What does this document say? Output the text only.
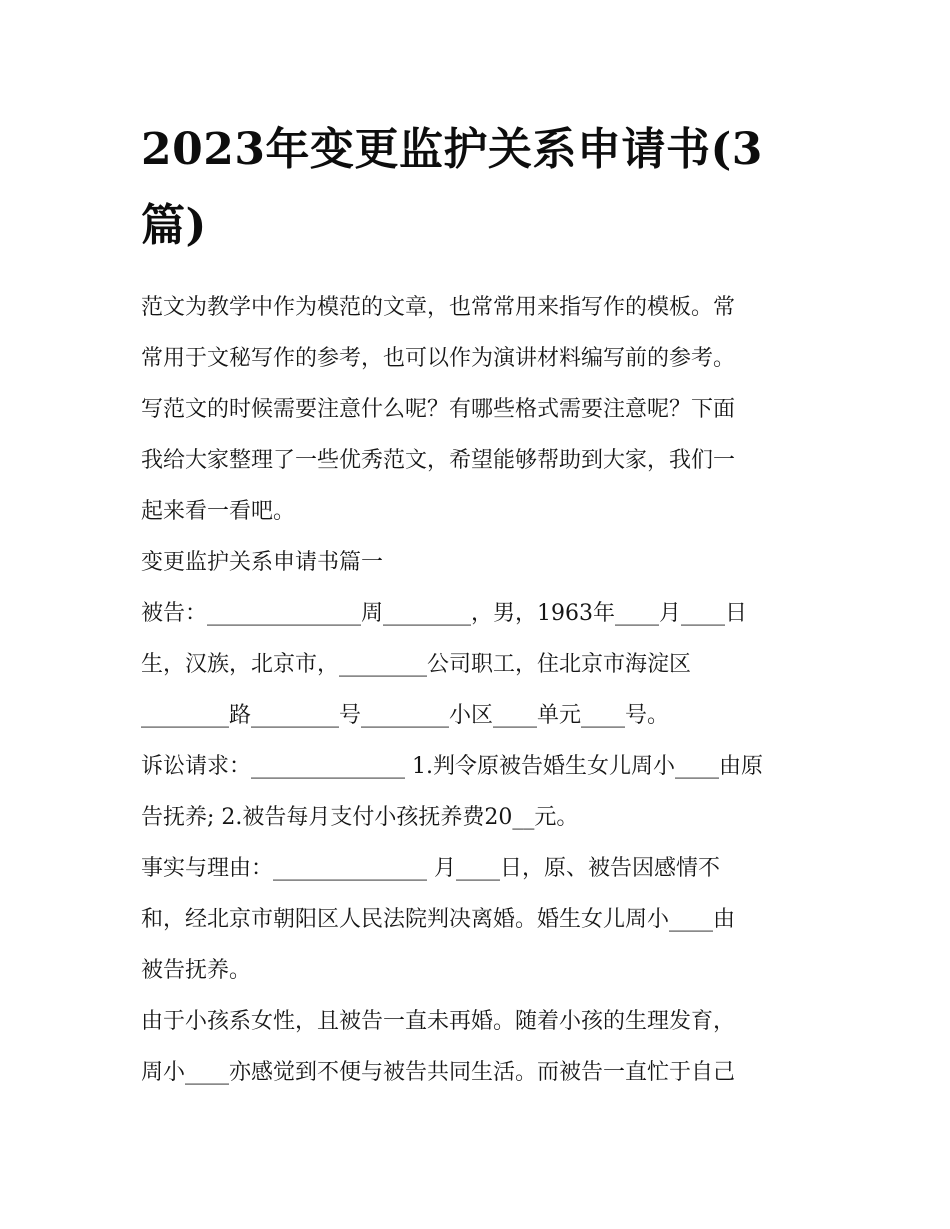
2023年变更监护关系申请书(3
篇)

范文为教学中作为模范的文章，也常常用来指写作的模板。常
常用于文秘写作的参考，也可以作为演讲材料编写前的参考。
写范文的时候需要注意什么呢？有哪些格式需要注意呢？下面
我给大家整理了一些优秀范文，希望能够帮助到大家，我们一
起来看一看吧。

变更监护关系申请书篇一

被告：______________周________，男，1963年____月____日
生，汉族，北京市，________公司职工，住北京市海淀区
________路________号________小区____单元____号。

诉讼请求：______________ 1.判令原被告婚生女儿周小____由原
告抚养; 2.被告每月支付小孩抚养费20__元。

事实与理由：______________ 月____日，原、被告因感情不
和，经北京市朝阳区人民法院判决离婚。婚生女儿周小____由
被告抚养。

由于小孩系女性，且被告一直未再婚。随着小孩的生理发育，
周小____亦感觉到不便与被告共同生活。而被告一直忙于自己
